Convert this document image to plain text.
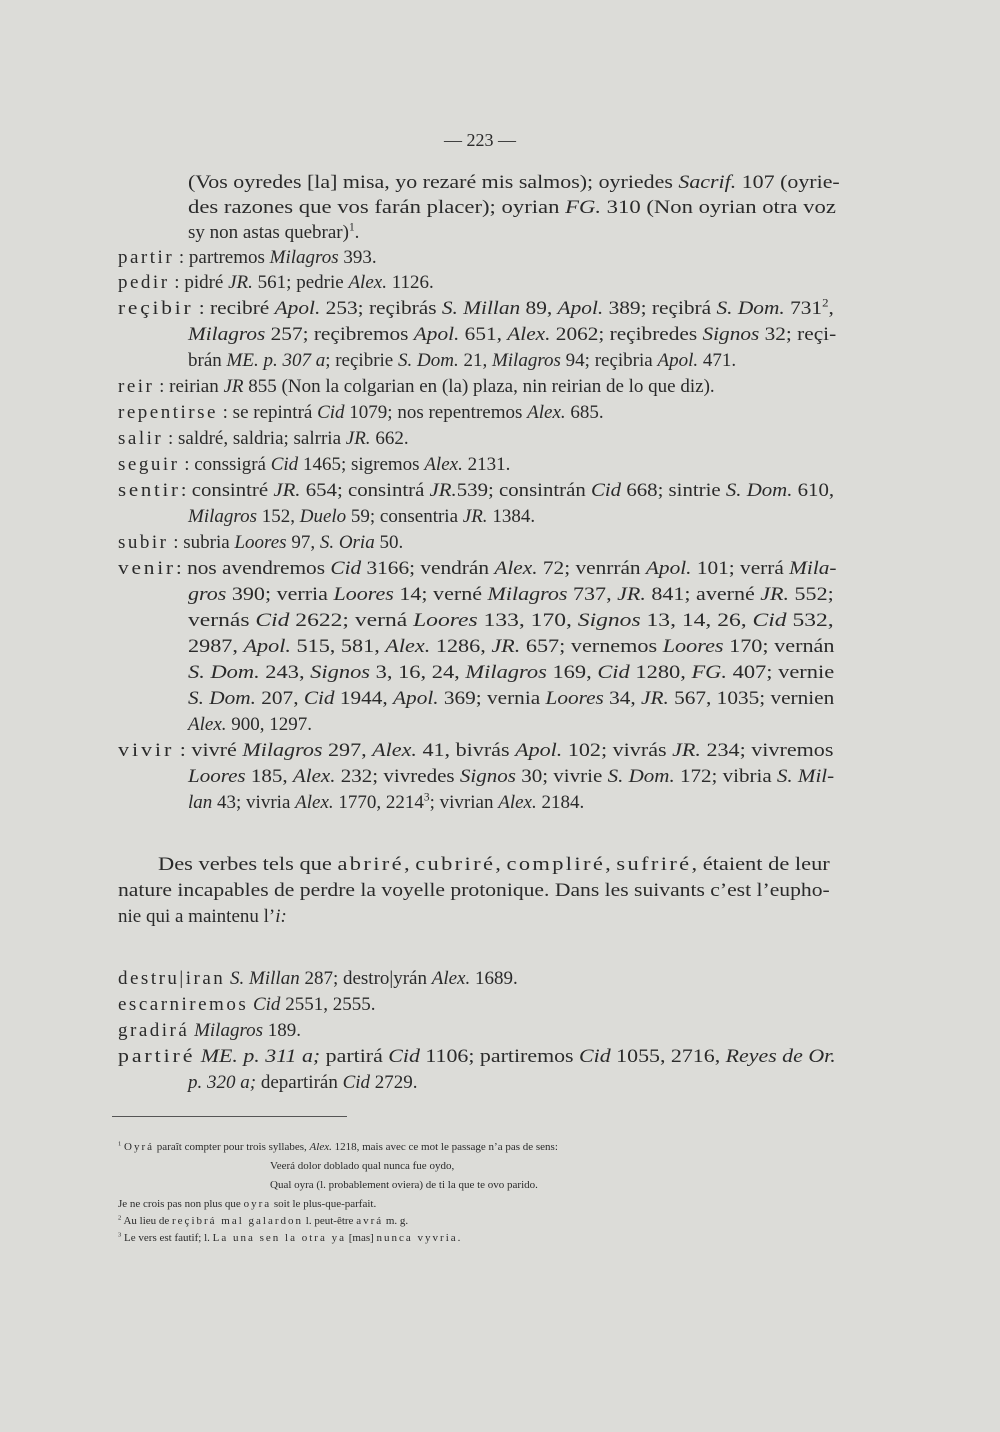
— 223 —
(Vos oyredes [la] misa, yo rezaré mis salmos); oyriedes Sacrif. 107 (oyrie-
des razones que vos farán placer); oyrian FG. 310 (Non oyrian otra voz
sy non astas quebrar)$^1$.
partir : partremos Milagros 393.
pedir : pidré JR. 561; pedrie Alex. 1126.
reçibir : recibré Apol. 253; reçibrás S. Millan 89, Apol. 389; reçibrá S. Dom. $731^2$,
Milagros 257; reçibremos Apol. 651, Alex. 2062; reçibredes Signos 32; reçi-
brán ME. p. 307 a; reçibrie S. Dom. 21, Milagros 94; reçibria Apol. 471.
reir : reirian JR 855 (Non la colgarian en (la) plaza, nin reirian de lo que diz).
repentirse : se repintrá Cid 1079; nos repentremos Alex. 685.
salir : saldré, saldria; salrria JR. 662.
seguir : conssigrá Cid 1465; sigremos Alex. 2131.
sentir: consintré JR. 654; consintrá JR.539; consintrán Cid 668; sintrie S. Dom. 610,
Milagros 152, Duelo 59; consentria JR. 1384.
subir : subria Loores 97, S. Oria 50.
venir: nos avendremos Cid 3166; vendrán Alex. 72; venrrán Apol. 101; verrá Mila-
gros 390; verria Loores 14; verné Milagros 737, JR. 841; averné JR. 552;
vernás Cid 2622; verná Loores 133, 170, Signos 13, 14, 26, Cid 532,
2987, Apol. 515, 581, Alex. 1286, JR. 657; vernemos Loores 170; vernán
S. Dom. 243, Signos 3, 16, 24, Milagros 169, Cid 1280, FG. 407; vernie
S. Dom. 207, Cid 1944, Apol. 369; vernia Loores 34, JR. 567, 1035; vernien
Alex. 900, 1297.
vivir : vivré Milagros 297, Alex. 41, bivrás Apol. 102; vivrás JR. 234; vivremos
Loores 185, Alex. 232; vivredes Signos 30; vivrie S. Dom. 172; vibria S. Mil-
lan 43; vivria Alex. 1770, 2214$^3$; vivrian Alex. 2184.
Des verbes tels que abriré, cubriré, compliré, sufriré, étaient de leur
nature incapables de perdre la voyelle protonique. Dans les suivants c’est l’eupho-
nie qui a maintenu l’i:
destru|iran S. Millan 287; destro|yrán Alex. 1689.
escarniremos Cid 2551, 2555.
gradirá Milagros 189.
partiré ME. p. 311 a; partirá Cid 1106; partiremos Cid 1055, 2716, Reyes de Or.
p. 320 a; departirán Cid 2729.
$^1$ Oyrá paraît compter pour trois syllabes, Alex. 1218, mais avec ce mot le passage n’a pas de sens:
Veerá dolor doblado qual nunca fue oydo,
Qual oyra (l. probablement oviera) de ti la que te ovo parido.
Je ne crois pas non plus que oyra soit le plus-que-parfait.
$^2$ Au lieu de reçibrá mal galardon l. peut-être avrá m. g.
$^3$ Le vers est fautif; l. La una sen la otra ya [mas] nunca vyvria.
